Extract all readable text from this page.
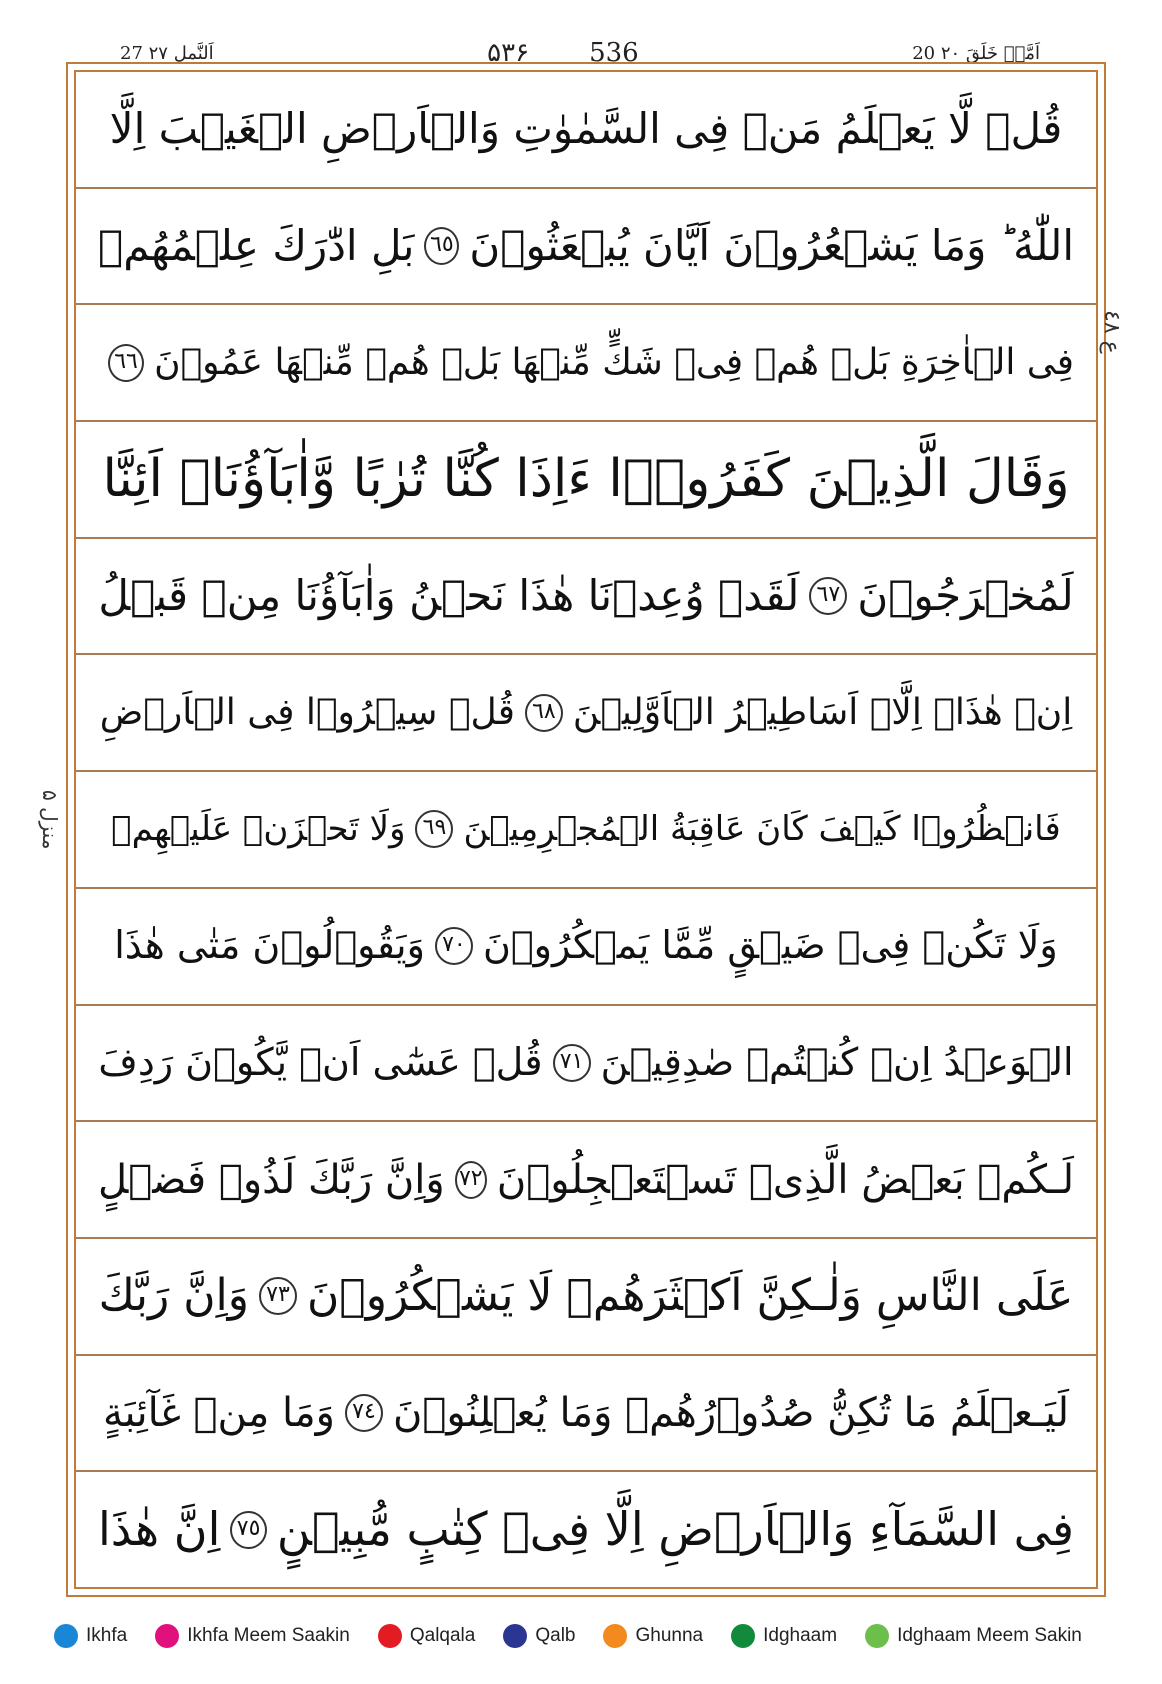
27 اَلنَّمل ۲۷	۵۳۶ 536	20 اَمَّنۡ خَلَقَ ۲۰
ع ٤٨
منزل ۵
قُلۡ لَّا يَعۡلَمُ مَنۡ فِى السَّمٰوٰتِ وَالۡاَرۡضِ الۡغَيۡبَ اِلَّا
اللّٰهُ ؕ وَمَا يَشۡعُرُوۡنَ اَيَّانَ يُبۡعَثُوۡنَ
٦٥
بَلِ ادّٰرَكَ عِلۡمُهُمۡ
فِى الۡاٰخِرَةِ بَلۡ هُمۡ فِىۡ شَكٍّ مِّنۡهَا بَلۡ هُمۡ مِّنۡهَا عَمُوۡنَ
٦٦
وَقَالَ الَّذِيۡنَ كَفَرُوۡۤا ءَاِذَا كُنَّا تُرٰبًا وَّاٰبَآؤُنَاۤ اَئِنَّا
لَمُخۡرَجُوۡنَ
٦٧
لَقَدۡ وُعِدۡنَا هٰذَا نَحۡنُ وَاٰبَآؤُنَا مِنۡ قَبۡلُ
اِنۡ هٰذَاۤ اِلَّاۤ اَسَاطِيۡرُ الۡاَوَّلِيۡنَ
٦٨
قُلۡ سِيۡرُوۡا فِى الۡاَرۡضِ
فَانۡظُرُوۡا كَيۡفَ كَانَ عَاقِبَةُ الۡمُجۡرِمِيۡنَ
٦٩
وَلَا تَحۡزَنۡ عَلَيۡهِمۡ
وَلَا تَكُنۡ فِىۡ ضَيۡقٍ مِّمَّا يَمۡكُرُوۡنَ
٧٠
وَيَقُوۡلُوۡنَ مَتٰى هٰذَا
الۡوَعۡدُ اِنۡ كُنۡتُمۡ صٰدِقِيۡنَ
٧١
قُلۡ عَسٰٓى اَنۡ يَّكُوۡنَ رَدِفَ
لَـكُمۡ بَعۡضُ الَّذِىۡ تَسۡتَعۡجِلُوۡنَ
٧٢
وَاِنَّ رَبَّكَ لَذُوۡ فَضۡلٍ
عَلَى النَّاسِ وَلٰـكِنَّ اَكۡثَرَهُمۡ لَا يَشۡكُرُوۡنَ
٧٣
وَاِنَّ رَبَّكَ
لَيَـعۡلَمُ مَا تُكِنُّ صُدُوۡرُهُمۡ وَمَا يُعۡلِنُوۡنَ
٧٤
وَمَا مِنۡ غَآئِبَةٍ
فِى السَّمَآءِ وَالۡاَرۡضِ اِلَّا فِىۡ كِتٰبٍ مُّبِيۡنٍ
٧٥
اِنَّ هٰذَا
Ikhfa	Ikhfa Meem Saakin	Qalqala	Qalb	Ghunna	Idghaam	Idghaam Meem Sakin
